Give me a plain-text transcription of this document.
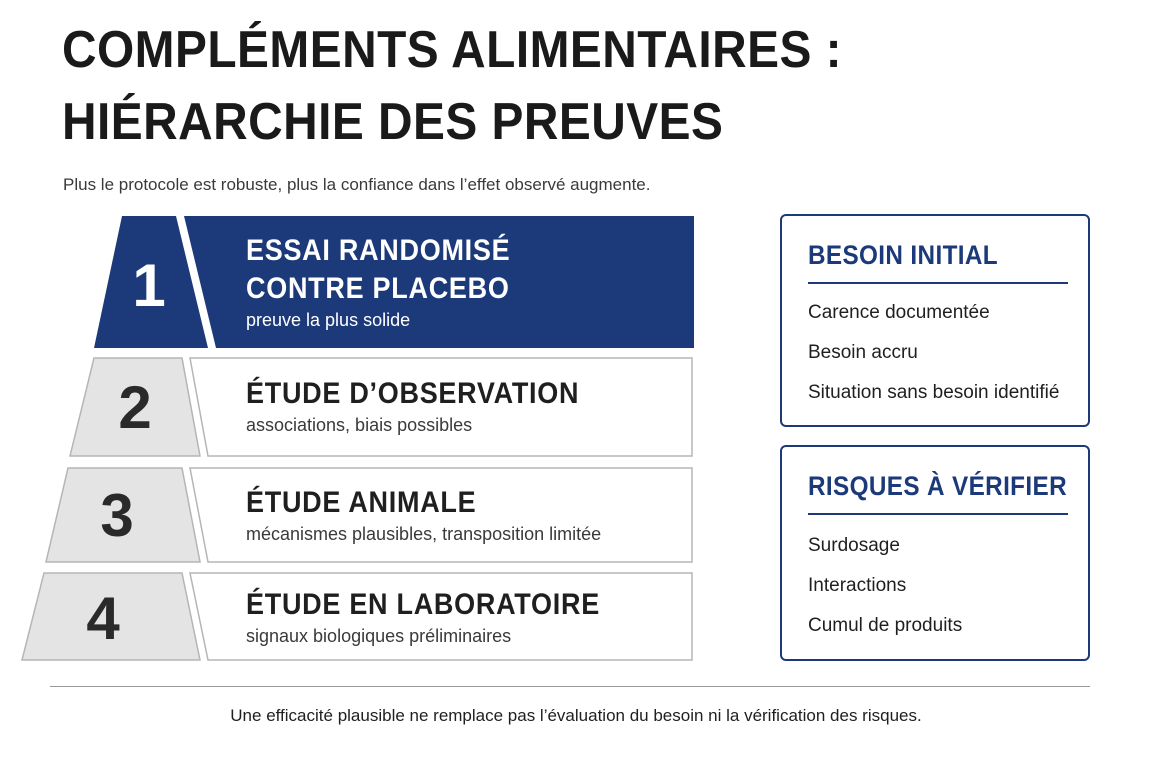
COMPLÉMENTS ALIMENTAIRES :
HIÉRARCHIE DES PREUVES
Plus le protocole est robuste, plus la confiance dans l’effet observé augmente.
1
2
3
4
ESSAI RANDOMISÉ
CONTRE PLACEBO
preuve la plus solide
ÉTUDE D’OBSERVATION
associations, biais possibles
ÉTUDE ANIMALE
mécanismes plausibles, transposition limitée
ÉTUDE EN LABORATOIRE
signaux biologiques préliminaires
BESOIN INITIAL
Carence documentée
Besoin accru
Situation sans besoin identifié
RISQUES À VÉRIFIER
Surdosage
Interactions
Cumul de produits
Une efficacité plausible ne remplace pas l’évaluation du besoin ni la vérification des risques.
